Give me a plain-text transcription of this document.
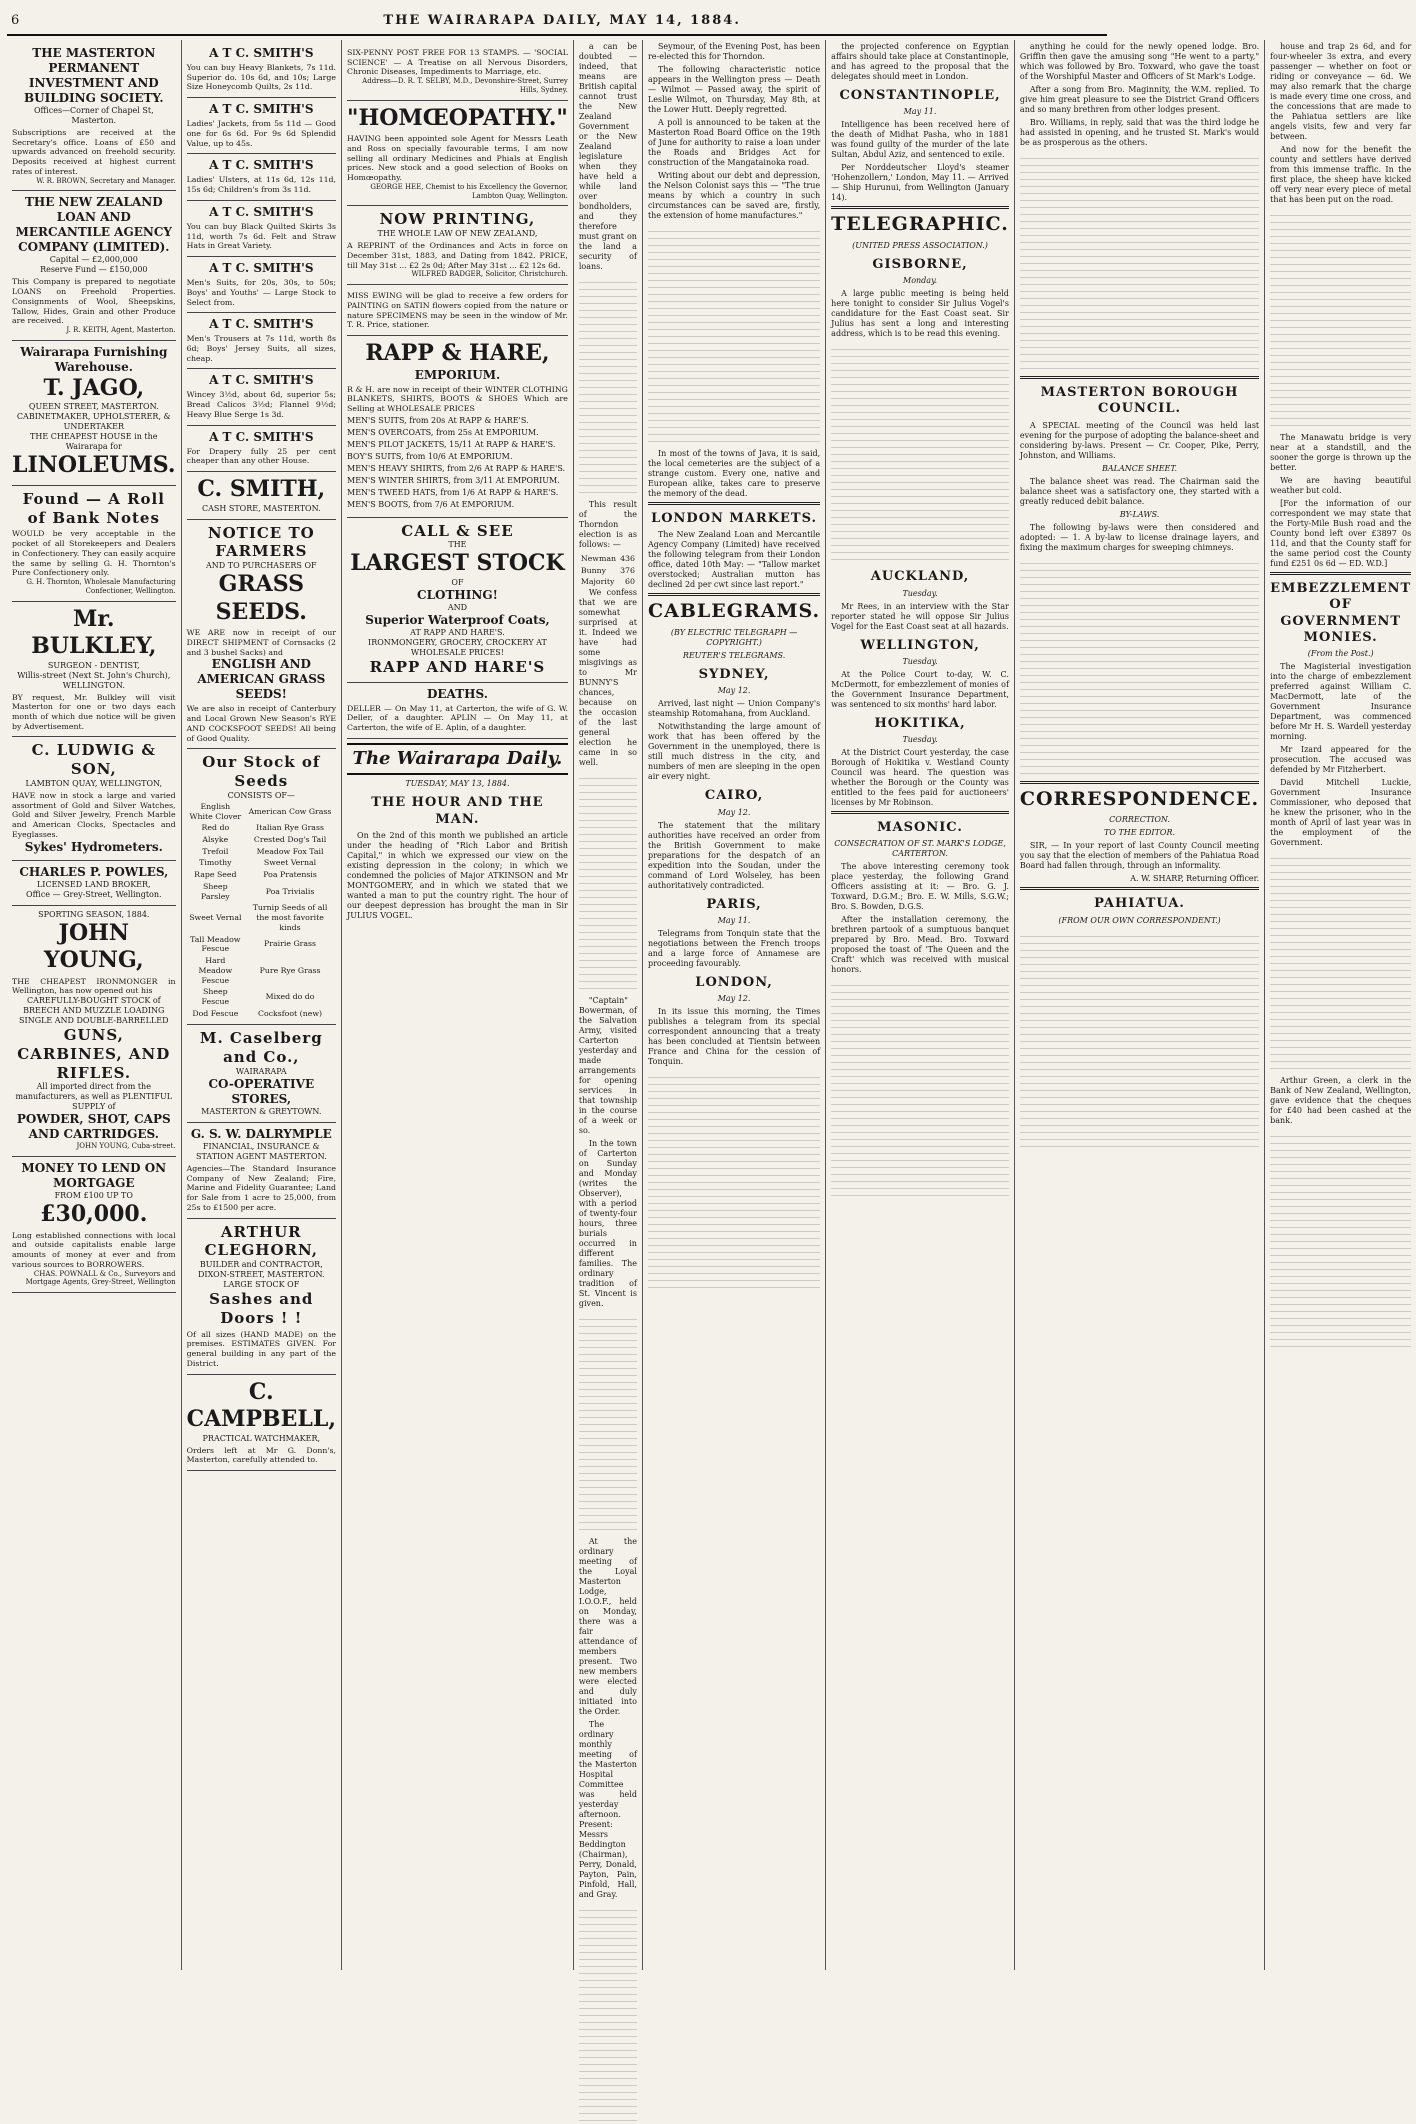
6	THE WAIRARAPA DAILY, MAY 14, 1884.
THE MASTERTON PERMANENT INVESTMENT AND BUILDING SOCIETY.
Offices—Corner of Chapel St, Masterton.
Subscriptions are received at the Secretary's office. Loans of £50 and upwards advanced on freehold security. Deposits received at highest current rates of interest.
W. R. BROWN, Secretary and Manager.
THE NEW ZEALAND LOAN AND MERCANTILE AGENCY COMPANY (LIMITED).
Capital — £2,000,000
Reserve Fund — £150,000
This Company is prepared to negotiate LOANS on Freehold Properties. Consignments of Wool, Sheepskins, Tallow, Hides, Grain and other Produce are received.
J. R. KEITH, Agent, Masterton.
Wairarapa Furnishing Warehouse.
T. JAGO,
QUEEN STREET, MASTERTON.
CABINETMAKER, UPHOLSTERER, & UNDERTAKER
THE CHEAPEST HOUSE in the Wairarapa for
LINOLEUMS.
Found — A Roll of Bank Notes
WOULD be very acceptable in the pocket of all Storekeepers and Dealers in Confectionery. They can easily acquire the same by selling G. H. Thornton's Pure Confectionery only.
G. H. Thornton, Wholesale Manufacturing Confectioner, Wellington.
Mr. BULKLEY,
SURGEON - DENTIST,
Willis-street (Next St. John's Church), WELLINGTON.
BY request, Mr. Bulkley will visit Masterton for one or two days each month of which due notice will be given by Advertisement.
C. LUDWIG & SON,
LAMBTON QUAY, WELLINGTON,
HAVE now in stock a large and varied assortment of Gold and Silver Watches, Gold and Silver Jewelry, French Marble and American Clocks, Spectacles and Eyeglasses.
Sykes' Hydrometers.
CHARLES P. POWLES,
LICENSED LAND BROKER,
Office — Grey-Street, Wellington.
SPORTING SEASON, 1884.
JOHN YOUNG,
THE CHEAPEST IRONMONGER in Wellington, has now opened out his
CAREFULLY-BOUGHT STOCK of BREECH AND MUZZLE LOADING SINGLE AND DOUBLE-BARRELLED
GUNS, CARBINES, AND RIFLES.
All imported direct from the manufacturers, as well as PLENTIFUL SUPPLY of
POWDER, SHOT, CAPS AND CARTRIDGES.
JOHN YOUNG, Cuba-street.
MONEY TO LEND ON MORTGAGE
FROM £100 UP TO
£30,000.
Long established connections with local and outside capitalists enable large amounts of money at ever and from various sources to BORROWERS.
CHAS. POWNALL & Co., Surveyors and Mortgage Agents, Grey-Street, Wellington
A T C. SMITH'S
You can buy Heavy Blankets, 7s 11d. Superior do. 10s 6d, and 10s; Large Size Honeycomb Quilts, 2s 11d.
A T C. SMITH'S
Ladies' Jackets, from 5s 11d — Good one for 6s 6d. For 9s 6d Splendid Value, up to 45s.
A T C. SMITH'S
Ladies' Ulsters, at 11s 6d, 12s 11d, 15s 6d; Children's from 3s 11d.
A T C. SMITH'S
You can buy Black Quilted Skirts 3s 11d, worth 7s 6d. Felt and Straw Hats in Great Variety.
A T C. SMITH'S
Men's Suits, for 20s, 30s, to 50s; Boys' and Youths' — Large Stock to Select from.
A T C. SMITH'S
Men's Trousers at 7s 11d, worth 8s 6d; Boys' Jersey Suits, all sizes, cheap.
A T C. SMITH'S
Wincey 3½d, about 6d, superior 5s; Bread Calicos 3½d; Flannel 9½d; Heavy Blue Serge 1s 3d.
A T C. SMITH'S
For Drapery fully 25 per cent cheaper than any other House.
C. SMITH,
CASH STORE, MASTERTON.
NOTICE TO FARMERS
AND TO PURCHASERS OF
GRASS SEEDS.
WE ARE now in receipt of our DIRECT SHIPMENT of Cornsacks (2 and 3 bushel Sacks) and
ENGLISH AND AMERICAN GRASS SEEDS!
We are also in receipt of Canterbury and Local Grown New Season's RYE AND COCKSFOOT SEEDS! All being of Good Quality.
Our Stock of Seeds
CONSISTS OF—
English White Clover	American Cow Grass
Red do	Italian Rye Grass
Alsyke	Crested Dog's Tail
Trefoil	Meadow Fox Tail
Timothy	Sweet Vernal
Rape Seed	Poa Pratensis
Sheep Parsley	Poa Trivialis
Sweet Vernal	Turnip Seeds of all the most favorite kinds
Tall Meadow Fescue	Prairie Grass
Hard Meadow Fescue	Pure Rye Grass
Sheep Fescue	Mixed do do
Dod Fescue	Cocksfoot (new)
M. Caselberg and Co.,
WAIRARAPA
CO-OPERATIVE STORES,
MASTERTON & GREYTOWN.
G. S. W. DALRYMPLE
FINANCIAL, INSURANCE & STATION AGENT MASTERTON.
Agencies—The Standard Insurance Company of New Zealand; Fire, Marine and Fidelity Guarantee; Land for Sale from 1 acre to 25,000, from 25s to £1500 per acre.
ARTHUR CLEGHORN,
BUILDER and CONTRACTOR, DIXON-STREET, MASTERTON.
LARGE STOCK OF
Sashes and Doors ! !
Of all sizes (HAND MADE) on the premises. ESTIMATES GIVEN. For general building in any part of the District.
C. CAMPBELL,
PRACTICAL WATCHMAKER,
Orders left at Mr G. Donn's, Masterton, carefully attended to.
SIX-PENNY POST FREE FOR 13 STAMPS. — 'SOCIAL SCIENCE' — A Treatise on all Nervous Disorders, Chronic Diseases, Impediments to Marriage, etc.
Address—D. R. T. SELBY, M.D., Devonshire-Street, Surrey Hills, Sydney.
"HOMŒOPATHY."
HAVING been appointed sole Agent for Messrs Leath and Ross on specially favourable terms, I am now selling all ordinary Medicines and Phials at English prices. New stock and a good selection of Books on Homœopathy.
GEORGE HEE, Chemist to his Excellency the Governor, Lambton Quay, Wellington.
NOW PRINTING,
THE WHOLE LAW OF NEW ZEALAND,
A REPRINT of the Ordinances and Acts in force on December 31st, 1883, and Dating from 1842. PRICE, till May 31st ... £2 2s 0d; After May 31st ... £2 12s 6d.
WILFRED BADGER, Solicitor, Christchurch.
MISS EWING will be glad to receive a few orders for PAINTING on SATIN flowers copied from the nature or nature SPECIMENS may be seen in the window of Mr. T. R. Price, stationer.
RAPP & HARE,
EMPORIUM.
R & H. are now in receipt of their WINTER CLOTHING BLANKETS, SHIRTS, BOOTS & SHOES Which are Selling at WHOLESALE PRICES
MEN'S SUITS, from 20s At RAPP & HARE'S.
MEN'S OVERCOATS, from 25s At EMPORIUM.
MEN'S PILOT JACKETS, 15/11 At RAPP & HARE'S.
BOY'S SUITS, from 10/6 At EMPORIUM.
MEN'S HEAVY SHIRTS, from 2/6 At RAPP & HARE'S.
MEN'S WINTER SHIRTS, from 3/11 At EMPORIUM.
MEN'S TWEED HATS, from 1/6 At RAPP & HARE'S.
MEN'S BOOTS, from 7/6 At EMPORIUM.
CALL & SEE
THE
LARGEST STOCK
OF
CLOTHING!
AND
Superior Waterproof Coats,
AT RAPP AND HARE'S.
IRONMONGERY, GROCERY, CROCKERY AT WHOLESALE PRICES!
RAPP AND HARE'S
DEATHS.
DELLER — On May 11, at Carterton, the wife of G. W. Deller, of a daughter. APLIN — On May 11, at Carterton, the wife of E. Aplin, of a daughter.
The Wairarapa Daily.
TUESDAY, MAY 13, 1884.
THE HOUR AND THE MAN.

On the 2nd of this month we published an article under the heading of "Rich Labor and British Capital," in which we expressed our view on the existing depression in the colony; in which we condemned the policies of Major ATKINSON and Mr MONTGOMERY, and in which we stated that we wanted a man to put the country right. The hour of our deepest depression has brought the man in Sir JULIUS VOGEL.

a can be doubted — indeed, that means are British capital cannot trust the New Zealand Government or the New Zealand legislature when they have held a while land over bondholders, and they therefore must grant on the land a security of loans.

This result of the Thorndon election is as follows: —

Newman	436
Bunny	376
Majority	60

We confess that we are somewhat surprised at it. Indeed we have had some misgivings as to Mr BUNNY'S chances, because on the occasion of the last general election he came in so well.

"Captain" Bowerman, of the Salvation Army, visited Carterton yesterday and made arrangements for opening services in that township in the course of a week or so.

In the town of Carterton on Sunday and Monday (writes the Observer), with a period of twenty-four hours, three burials occurred in different families. The ordinary tradition of St. Vincent is given.

At the ordinary meeting of the Loyal Masterton Lodge, I.O.O.F., held on Monday, there was a fair attendance of members present. Two new members were elected and duly initiated into the Order.

The ordinary monthly meeting of the Masterton Hospital Committee was held yesterday afternoon. Present: Messrs Beddington (Chairman), Perry, Donald, Payton, Pain, Pinfold, Hall, and Gray.

Seymour, of the Evening Post, has been re-elected this for Thorndon.

The following characteristic notice appears in the Wellington press — Death — Wilmot — Passed away, the spirit of Leslie Wilmot, on Thursday, May 8th, at the Lower Hutt. Deeply regretted.

A poll is announced to be taken at the Masterton Road Board Office on the 19th of June for authority to raise a loan under the Roads and Bridges Act for construction of the Mangatainoka road.

Writing about our debt and depression, the Nelson Colonist says this — "The true means by which a country in such circumstances can be saved are, firstly, the extension of home manufactures."

In most of the towns of Java, it is said, the local cemeteries are the subject of a strange custom. Every one, native and European alike, takes care to preserve the memory of the dead.

LONDON MARKETS.

The New Zealand Loan and Mercantile Agency Company (Limited) have received the following telegram from their London office, dated 10th May: — "Tallow market overstocked; Australian mutton has declined 2d per cwt since last report."

CABLEGRAMS.
(BY ELECTRIC TELEGRAPH — COPYRIGHT.)
REUTER'S TELEGRAMS.
SYDNEY,
May 12.

Arrived, last night — Union Company's steamship Rotomahana, from Auckland.

Notwithstanding the large amount of work that has been offered by the Government in the unemployed, there is still much distress in the city, and numbers of men are sleeping in the open air every night.

CAIRO,
May 12.

The statement that the military authorities have received an order from the British Government to make preparations for the despatch of an expedition into the Soudan, under the command of Lord Wolseley, has been authoritatively contradicted.

PARIS,
May 11.

Telegrams from Tonquin state that the negotiations between the French troops and a large force of Annamese are proceeding favourably.

LONDON,
May 12.

In its issue this morning, the Times publishes a telegram from its special correspondent announcing that a treaty has been concluded at Tientsin between France and China for the cession of Tonquin.

the projected conference on Egyptian affairs should take place at Constantinople, and has agreed to the proposal that the delegates should meet in London.

CONSTANTINOPLE,
May 11.

Intelligence has been received here of the death of Midhat Pasha, who in 1881 was found guilty of the murder of the late Sultan, Abdul Aziz, and sentenced to exile.

Per Norddeutscher Lloyd's steamer 'Hohenzollern,' London, May 11. — Arrived — Ship Hurunui, from Wellington (January 14).

TELEGRAPHIC.
(UNITED PRESS ASSOCIATION.)
GISBORNE,
Monday.

A large public meeting is being held here tonight to consider Sir Julius Vogel's candidature for the East Coast seat. Sir Julius has sent a long and interesting address, which is to be read this evening.

AUCKLAND,
Tuesday.

Mr Rees, in an interview with the Star reporter stated he will oppose Sir Julius Vogel for the East Coast seat at all hazards.

WELLINGTON,
Tuesday.

At the Police Court to-day, W. C. McDermott, for embezzlement of monies of the Government Insurance Department, was sentenced to six months' hard labor.

HOKITIKA,
Tuesday.

At the District Court yesterday, the case Borough of Hokitika v. Westland County Council was heard. The question was whether the Borough or the County was entitled to the fees paid for auctioneers' licenses by Mr Robinson.

MASONIC.
CONSECRATION OF ST. MARK'S LODGE, CARTERTON.

The above interesting ceremony took place yesterday, the following Grand Officers assisting at it: — Bro. G. J. Toxward, D.G.M.; Bro. E. W. Mills, S.G.W.; Bro. S. Bowden, D.G.S.

After the installation ceremony, the brethren partook of a sumptuous banquet prepared by Bro. Mead. Bro. Toxward proposed the toast of 'The Queen and the Craft' which was received with musical honors.

anything he could for the newly opened lodge. Bro. Griffin then gave the amusing song "He went to a party," which was followed by Bro. Toxward, who gave the toast of the Worshipful Master and Officers of St Mark's Lodge.

After a song from Bro. Maginnity, the W.M. replied. To give him great pleasure to see the District Grand Officers and so many brethren from other lodges present.

Bro. Williams, in reply, said that was the third lodge he had assisted in opening, and he trusted St. Mark's would be as prosperous as the others.

MASTERTON BOROUGH COUNCIL.

A SPECIAL meeting of the Council was held last evening for the purpose of adopting the balance-sheet and considering by-laws. Present — Cr. Cooper, Pike, Perry, Johnston, and Williams.

BALANCE SHEET.

The balance sheet was read. The Chairman said the balance sheet was a satisfactory one, they started with a greatly reduced debit balance.

BY-LAWS.

The following by-laws were then considered and adopted: — 1. A by-law to license drainage layers, and fixing the maximum charges for sweeping chimneys.

CORRESPONDENCE.
CORRECTION.
TO THE EDITOR.

SIR, — In your report of last County Council meeting you say that the election of members of the Pahiatua Road Board had fallen through, through an informality.

A. W. SHARP, Returning Officer.
PAHIATUA.
(FROM OUR OWN CORRESPONDENT.)

house and trap 2s 6d, and for four-wheeler 3s extra, and every passenger — whether on foot or riding or conveyance — 6d. We may also remark that the charge is made every time one cross, and the concessions that are made to the Pahiatua settlers are like angels visits, few and very far between.

And now for the benefit the county and settlers have derived from this immense traffic. In the first place, the sheep have kicked off very near every piece of metal that has been put on the road.

The Manawatu bridge is very near at a standstill, and the sooner the gorge is thrown up the better.

We are having beautiful weather but cold.

[For the information of our correspondent we may state that the Forty-Mile Bush road and the County bond left over £3897 0s 11d, and that the County staff for the same period cost the County fund £251 0s 6d — ED. W.D.]

EMBEZZLEMENT OF GOVERNMENT MONIES.
(From the Post.)

The Magisterial investigation into the charge of embezzlement preferred against William C. MacDermott, late of the Government Insurance Department, was commenced before Mr H. S. Wardell yesterday morning.

Mr Izard appeared for the prosecution. The accused was defended by Mr Fitzherbert.

David Mitchell Luckie, Government Insurance Commissioner, who deposed that he knew the prisoner, who in the month of April of last year was in the employment of the Government.

Arthur Green, a clerk in the Bank of New Zealand, Wellington, gave evidence that the cheques for £40 had been cashed at the bank.
